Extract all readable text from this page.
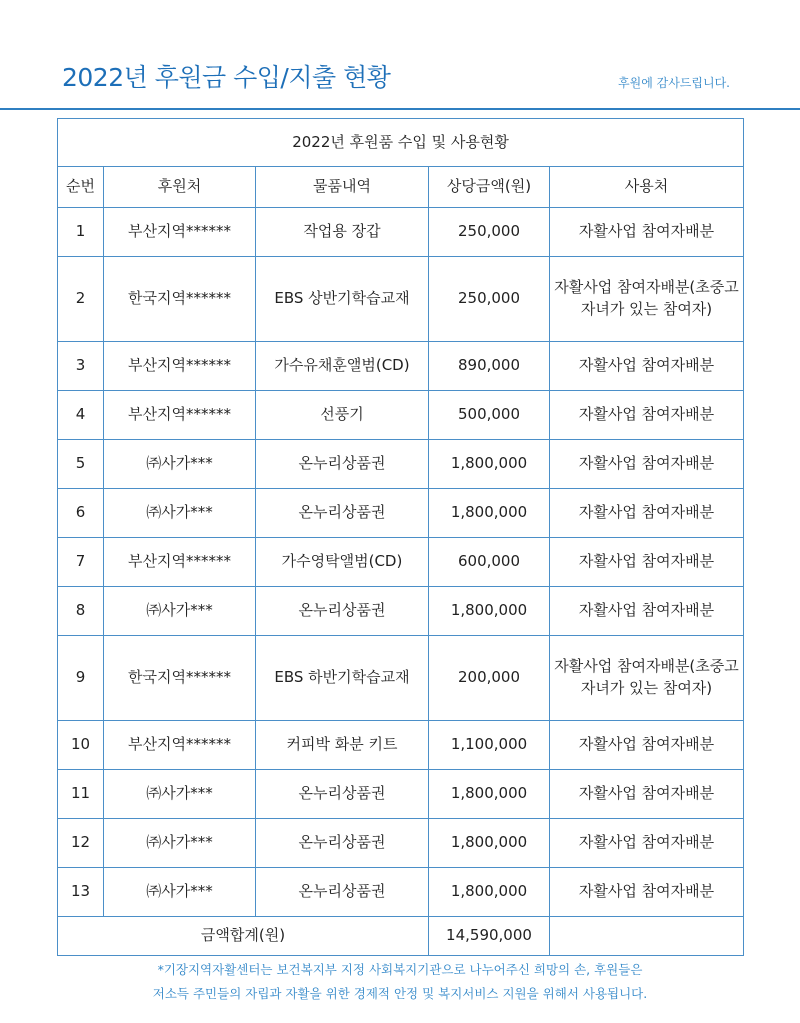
2022년 후원금 수입/지출 현황	후원에 감사드립니다.
2022년 후원품 수입 및 사용현황				
순번	후원처	물품내역	상당금액(원)	사용처
1	부산지역******	작업용 장갑	250,000	자활사업 참여자배분
2	한국지역******	EBS 상반기학습교재	250,000	자활사업 참여자배분(초중고 자녀가 있는 참여자)
3	부산지역******	가수유채훈앨범(CD)	890,000	자활사업 참여자배분
4	부산지역******	선풍기	500,000	자활사업 참여자배분
5	㈜사가***	온누리상품권	1,800,000	자활사업 참여자배분
6	㈜사가***	온누리상품권	1,800,000	자활사업 참여자배분
7	부산지역******	가수영탁앨범(CD)	600,000	자활사업 참여자배분
8	㈜사가***	온누리상품권	1,800,000	자활사업 참여자배분
9	한국지역******	EBS 하반기학습교재	200,000	자활사업 참여자배분(초중고 자녀가 있는 참여자)
10	부산지역******	커피박 화분 키트	1,100,000	자활사업 참여자배분
11	㈜사가***	온누리상품권	1,800,000	자활사업 참여자배분
12	㈜사가***	온누리상품권	1,800,000	자활사업 참여자배분
13	㈜사가***	온누리상품권	1,800,000	자활사업 참여자배분
금액합계(원)			14,590,000	
*기장지역자활센터는 보건복지부 지정 사회복지기관으로 나누어주신 희망의 손, 후원들은
저소득 주민들의 자립과 자활을 위한 경제적 안정 및 복지서비스 지원을 위해서 사용됩니다.
